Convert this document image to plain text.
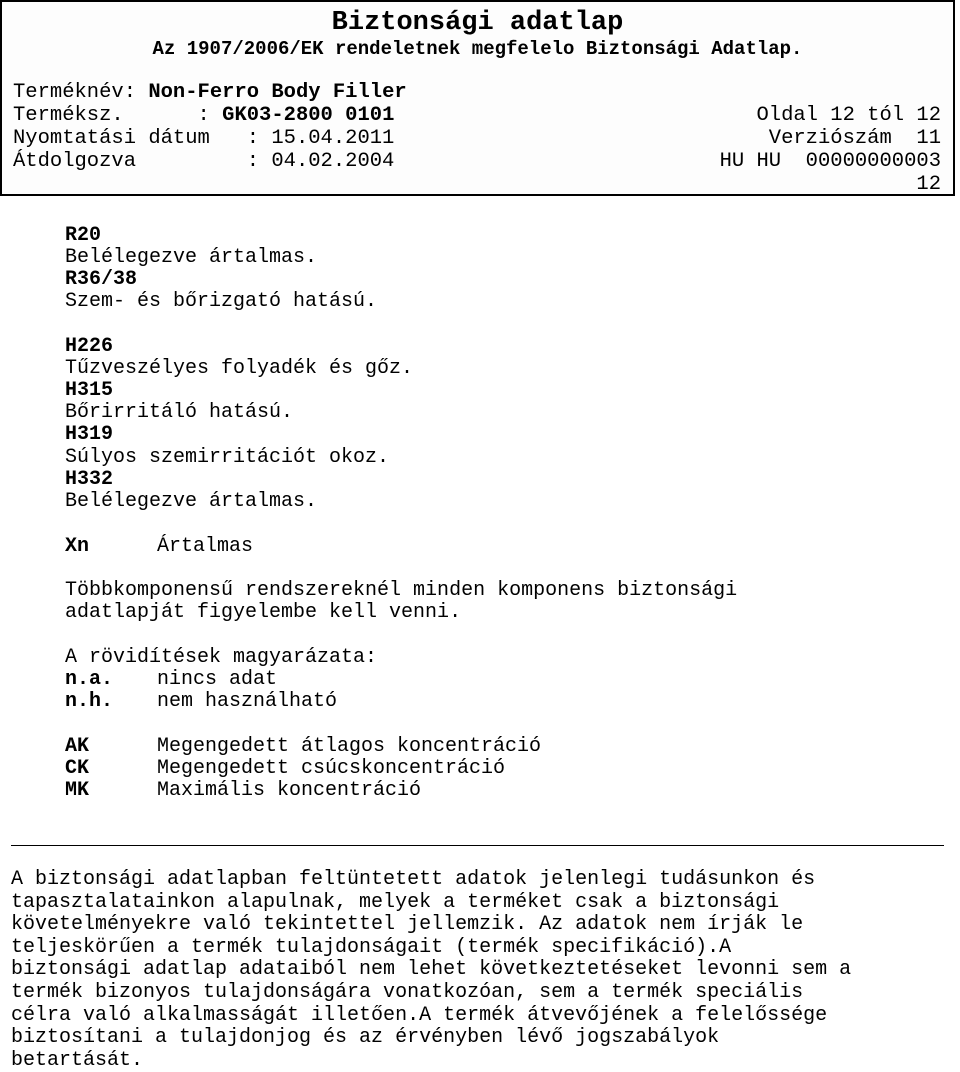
Biztonsági adatlap
Az 1907/2006/EK rendeletnek megfelelo Biztonsági Adatlap.
Terméknév: Non-Ferro Body Filler
Terméksz.      : GK03-2800 0101
Nyomtatási dátum   : 15.04.2011
Átdolgozva         : 04.02.2004
Oldal 12 tól 12
Verziószám  11
HU HU  00000000003
12
R20
Belélegezve ártalmas.
R36/38
Szem- és bőrizgató hatású.
H226
Tűzveszélyes folyadék és gőz.
H315
Bőrirritáló hatású.
H319
Súlyos szemirritációt okoz.
H332
Belélegezve ártalmas.
Xn	Ártalmas
Többkomponensű rendszereknél minden komponens biztonsági
adatlapját figyelembe kell venni.
A rövidítések magyarázata:
n.a. nincs adat
n.h. nem használható
AK	Megengedett átlagos koncentráció
CK	Megengedett csúcskoncentráció
MK	Maximális koncentráció
A biztonsági adatlapban feltüntetett adatok jelenlegi tudásunkon és
tapasztalatainkon alapulnak, melyek a terméket csak a biztonsági
követelményekre való tekintettel jellemzik. Az adatok nem írják le
teljeskörűen a termék tulajdonságait (termék specifikáció).A
biztonsági adatlap adataiból nem lehet következtetéseket levonni sem a
termék bizonyos tulajdonságára vonatkozóan, sem a termék speciális
célra való alkalmasságát illetően.A termék átvevőjének a felelőssége
biztosítani a tulajdonjog és az érvényben lévő jogszabályok
betartását.
